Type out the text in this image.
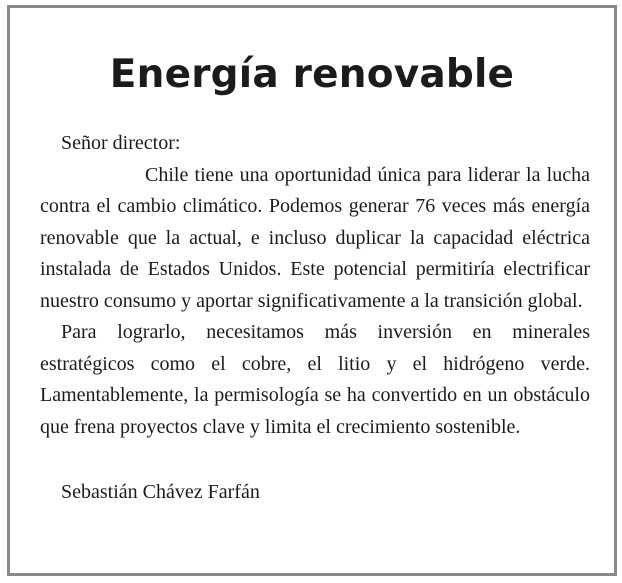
Energía renovable

Señor director:

Chile tiene una oportunidad única para liderar la lucha contra el cambio climático. Podemos generar 76 veces más energía renovable que la actual, e incluso duplicar la capacidad eléctrica instalada de Estados Unidos. Este potencial permitiría electrificar nuestro consumo y aportar significativamente a la transición global.

Para lograrlo, necesitamos más inversión en minerales estratégicos como el cobre, el litio y el hidrógeno verde. Lamentablemente, la permisología se ha convertido en un obstáculo que frena proyectos clave y limita el crecimiento sostenible.

Sebastián Chávez Farfán
